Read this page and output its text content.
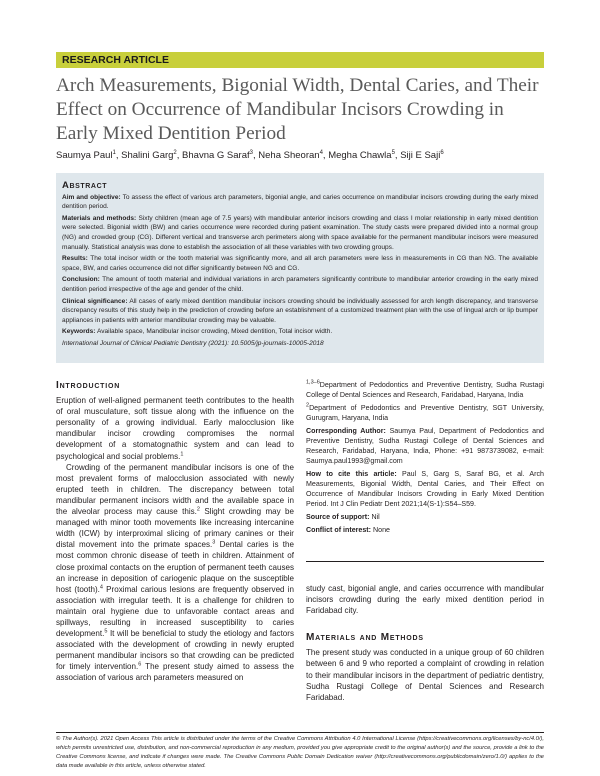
RESEARCH ARTICLE
Arch Measurements, Bigonial Width, Dental Caries, and Their Effect on Occurrence of Mandibular Incisors Crowding in Early Mixed Dentition Period
Saumya Paul$^1$, Shalini Garg$^2$, Bhavna G Saraf$^3$, Neha Sheoran$^4$, Megha Chawla$^5$, Siji E Saji$^6$
Abstract

Aim and objective: To assess the effect of various arch parameters, bigonial angle, and caries occurrence on mandibular incisors crowding during the early mixed dentition period.

Materials and methods: Sixty children (mean age of 7.5 years) with mandibular anterior incisors crowding and class I molar relationship in early mixed dentition were selected. Bigonial width (BW) and caries occurrence were recorded during patient examination. The study casts were prepared divided into a normal group (NG) and crowded group (CG). Different vertical and transverse arch perimeters along with space available for the permanent mandibular incisors were measured manually. Statistical analysis was done to establish the association of all these variables with two crowding groups.

Results: The total incisor width or the tooth material was significantly more, and all arch parameters were less in measurements in CG than NG. The available space, BW, and caries occurrence did not differ significantly between NG and CG.

Conclusion: The amount of tooth material and individual variations in arch parameters significantly contribute to mandibular anterior crowding in the early mixed dentition period irrespective of the age and gender of the child.

Clinical significance: All cases of early mixed dentition mandibular incisors crowding should be individually assessed for arch length discrepancy, and transverse discrepancy results of this study help in the prediction of crowding before an establishment of a customized treatment plan with the use of lingual arch or lip bumper appliances in patients with anterior mandibular crowding may be valuable.

Keywords: Available space, Mandibular incisor crowding, Mixed dentition, Total incisor width.

International Journal of Clinical Pediatric Dentistry (2021): 10.5005/jp-journals-10005-2018

Introduction

Eruption of well-aligned permanent teeth contributes to the health of oral musculature, soft tissue along with the influence on the personality of a growing individual. Early malocclusion like mandibular incisor crowding compromises the normal development of a stomatognathic system and can lead to psychological and social problems.$^1$

Crowding of the permanent mandibular incisors is one of the most prevalent forms of malocclusion associated with newly erupted teeth in children. The discrepancy between total mandibular permanent incisors width and the available space in the alveolar process may cause this.$^2$ Slight crowding may be managed with minor tooth movements like increasing intercanine width (ICW) by interproximal slicing of primary canines or their distal movement into the primate spaces.$^3$ Dental caries is the most common chronic disease of teeth in children. Attainment of close proximal contacts on the eruption of permanent teeth causes an increase in deposition of cariogenic plaque on the susceptible host (tooth).$^4$ Proximal carious lesions are frequently observed in association with irregular teeth. It is a challenge for children to maintain oral hygiene due to unfavorable contact areas and spillways, resulting in increased susceptibility to caries development.$^5$ It will be beneficial to study the etiology and factors associated with the development of crowding in newly erupted permanent mandibular incisors so that crowding can be predicted for timely intervention.$^6$ The present study aimed to assess the association of various arch parameters measured on

$^{1,3-6}$Department of Pedodontics and Preventive Dentistry, Sudha Rustagi College of Dental Sciences and Research, Faridabad, Haryana, India

$^2$Department of Pedodontics and Preventive Dentistry, SGT University, Gurugram, Haryana, India

Corresponding Author: Saumya Paul, Department of Pedodontics and Preventive Dentistry, Sudha Rustagi College of Dental Sciences and Research, Faridabad, Haryana, India, Phone: +91 9873739082, e-mail: Saumya.paul1993@gmail.com

How to cite this article: Paul S, Garg S, Saraf BG, et al. Arch Measurements, Bigonial Width, Dental Caries, and Their Effect on Occurrence of Mandibular Incisors Crowding in Early Mixed Dentition Period. Int J Clin Pediatr Dent 2021;14(S-1):S54–S59.

Source of support: Nil

Conflict of interest: None

study cast, bigonial angle, and caries occurrence with mandibular incisors crowding during the early mixed dentition period in Faridabad city.

Materials and Methods

The present study was conducted in a unique group of 60 children between 6 and 9 who reported a complaint of crowding in relation to their mandibular incisors in the department of pediatric dentistry, Sudha Rustagi College of Dental Sciences and Research Faridabad.

© The Author(s). 2021 Open Access This article is distributed under the terms of the Creative Commons Attribution 4.0 International License (https://creativecommons.org/licenses/by-nc/4.0/), which permits unrestricted use, distribution, and non-commercial reproduction in any medium, provided you give appropriate credit to the original author(s) and the source, provide a link to the Creative Commons license, and indicate if changes were made. The Creative Commons Public Domain Dedication waiver (http://creativecommons.org/publicdomain/zero/1.0/) applies to the data made available in this article, unless otherwise stated.
